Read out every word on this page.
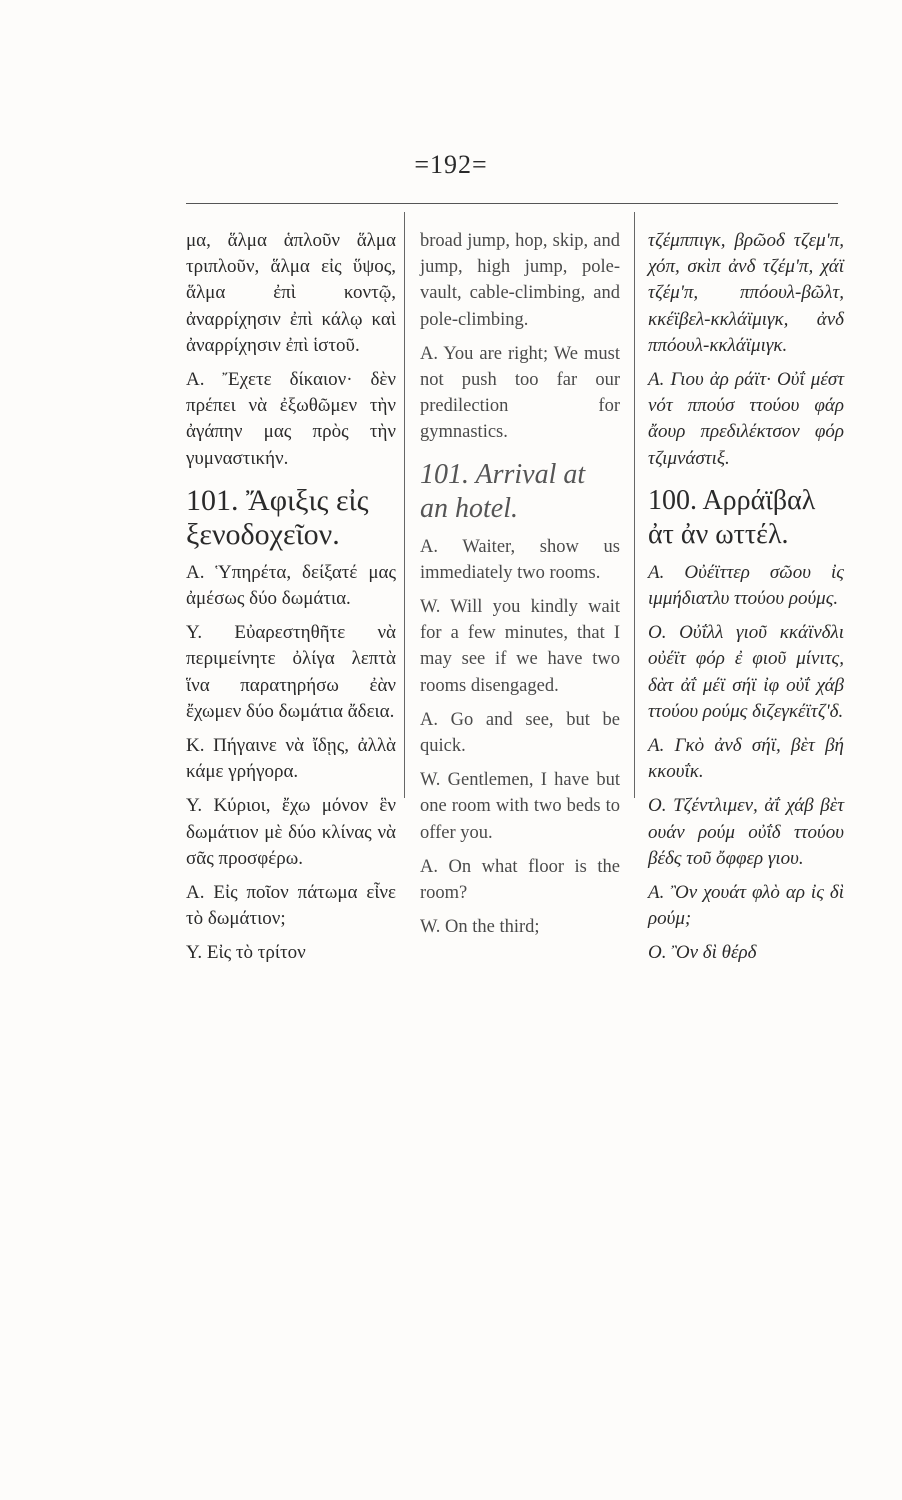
=192=

μα, ἅλμα ἁπλοῦν ἅλμα τριπλοῦν, ἅλμα εἰς ὕψος, ἅλμα ἐπὶ κοντῷ, ἀναρρίχησιν ἐπὶ κάλῳ καὶ ἀναρρίχησιν ἐπὶ ἱστοῦ.

Α. Ἔχετε δίκαιον· δὲν πρέπει νὰ ἐξωθῶμεν τὴν ἀγάπην μας πρὸς τὴν γυμναστικήν.

101. Ἄφιξις εἰς ξενοδοχεῖον.

Α. Ὑπηρέτα, δείξατέ μας ἀμέσως δύο δωμάτια.

Υ. Εὐαρεστηθῆτε νὰ περιμείνητε ὀλίγα λεπτὰ ἵνα παρατηρήσω ἐὰν ἔχωμεν δύο δωμάτια ἄδεια.

Κ. Πήγαινε νὰ ἴδῃς, ἀλλὰ κάμε γρήγορα.

Υ. Κύριοι, ἔχω μόνον ἓν δωμάτιον μὲ δύο κλίνας νὰ σᾶς προσφέρω.

Α. Εἰς ποῖον πάτωμα εἶνε τὸ δωμάτιον;

Υ. Εἰς τὸ τρίτον

broad jump, hop, skip, and jump, high jump, pole-vault, cable-climbing, and pole-climbing.

A. You are right; We must not push too far our predilection for gymnastics.

101. Arrival at an hotel.

A. Waiter, show us immediately two rooms.

W. Will you kindly wait for a few minutes, that I may see if we have two rooms disengaged.

A. Go and see, but be quick.

W. Gentlemen, I have but one room with two beds to offer you.

A. On what floor is the room?

W. On the third;

τζέμππιγκ, βρῶοδ τζεμ'π, χόπ, σκὶπ ἀνδ τζέμ'π, χάϊ τζέμ'π, ππόουλ-βῶλτ, κκέϊβελ-κκλάϊμιγκ, ἀνδ ππόουλ-κκλάϊμιγκ.

Α. Γιου ἀρ ράϊτ· Οὐΐ μέστ νότ ππούσ ττούου φάρ ἄουρ πρεδιλέκτσον φόρ τζιμνάστιξ.

100. Αρράϊβαλ ἀτ ἀν ωττέλ.

Α. Οὐέϊττερ σῶου ἰς ιμμήδιατλυ ττούου ρούμς.

Ο. Οὐΐλλ γιοῦ κκάϊνδλι οὐέϊτ φόρ ἐ φιοῦ μίνιτς, δὰτ ἀΐ μέϊ σήϊ ἰφ οὐΐ χάβ ττούου ρούμς διζεγκέϊτζ'δ.

Α. Γκὸ ἀνδ σήϊ, βὲτ βή κκουΐκ.

Ο. Τζέντλιμεν, ἀΐ χάβ βὲτ ουάν ρούμ οὐΐδ ττούου βέδς τοῦ ὄφφερ γιου.

Α. Ὂν χουάτ φλὸ αρ ἰς δὶ ρούμ;

Ο. Ὂν δὶ θέρδ
